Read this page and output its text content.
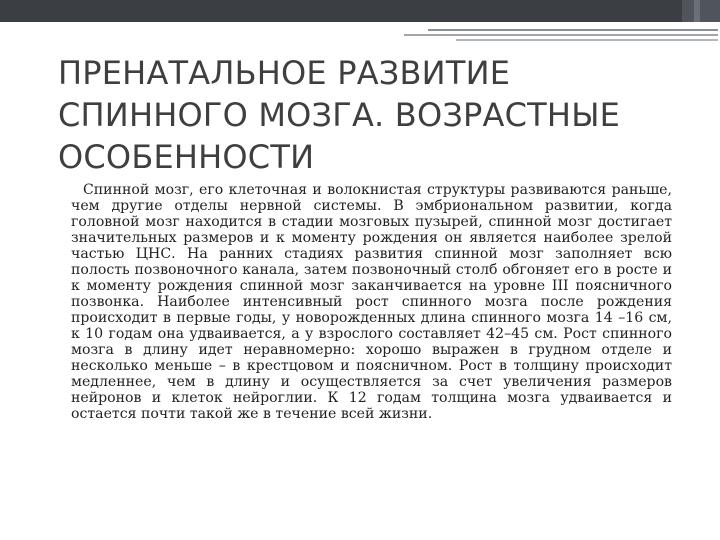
ПРЕНАТАЛЬНОЕ РАЗВИТИЕ
СПИННОГО МОЗГА. ВОЗРАСТНЫЕ
ОСОБЕННОСТИ

Спинной мозг, его клеточная и волокнистая структуры развиваются раньше, чем другие отделы нервной системы. В эмбриональном развитии, когда головной мозг находится в стадии мозговых пузырей, спинной мозг достигает значительных размеров и к моменту рождения он является наиболее зрелой частью ЦНС. На ранних стадиях развития спинной мозг заполняет всю полость позвоночного канала, затем позвоночный столб обгоняет его в росте и к моменту рождения спинной мозг заканчивается на уровне III поясничного позвонка. Наиболее интенсивный рост спинного мозга после рождения происходит в первые годы, у новорожденных длина спинного мозга 14 –16 см, к 10 годам она удваивается, а у взрослого составляет 42–45 см. Рост спинного мозга в длину идет неравномерно: хорошо выражен в грудном отделе и несколько меньше – в крестцовом и поясничном. Рост в толщину происходит медленнее, чем в длину и осуществляется за счет увеличения размеров нейронов и клеток нейроглии. К 12 годам толщина мозга удваивается и остается почти такой же в течение всей жизни.
